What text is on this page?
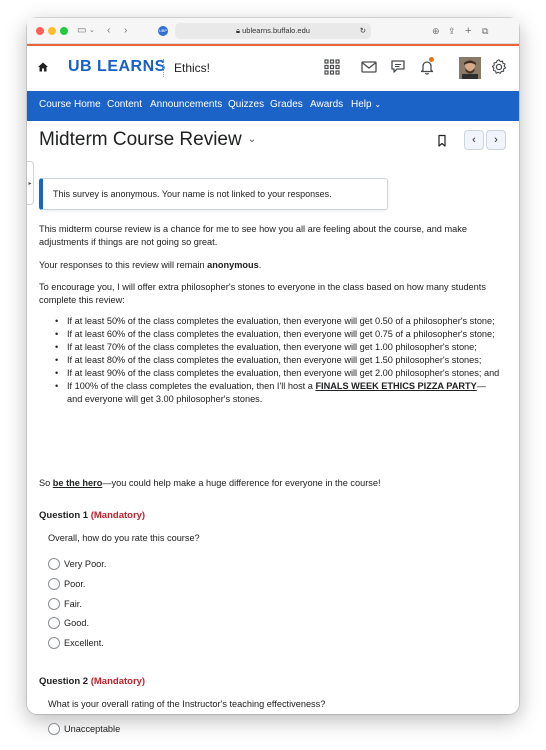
▭ ⌄ ‹ ›	UBP	🔒︎ ublearns.buffalo.edu	↻	⊕ ⇪ + ⧉
UB LEARNS Ethics!
Course Home Content Announcements Quizzes Grades Awards Help ⌄
▸
Midterm Course Review ⌄	‹	›
This survey is anonymous. Your name is not linked to your responses.

This midterm course review is a chance for me to see how you all are feeling about the course, and make adjustments if things are not going so great.

Your responses to this review will remain anonymous.

To encourage you, I will offer extra philosopher's stones to everyone in the class based on how many students complete this review:

• If at least 50% of the class completes the evaluation, then everyone will get 0.50 of a philosopher's stone;
• If at least 60% of the class completes the evaluation, then everyone will get 0.75 of a philosopher's stone;
• If at least 70% of the class completes the evaluation, then everyone will get 1.00 philosopher's stone;
• If at least 80% of the class completes the evaluation, then everyone will get 1.50 philosopher's stones;
• If at least 90% of the class completes the evaluation, then everyone will get 2.00 philosopher's stones; and
• If 100% of the class completes the evaluation, then I'll host a FINALS WEEK ETHICS PIZZA PARTY—and everyone will get 3.00 philosopher's stones.

So be the hero—you could help make a huge difference for everyone in the course!

Question 1 (Mandatory)
Overall, how do you rate this course?
Very Poor.
Poor.
Fair.
Good.
Excellent.
Question 2 (Mandatory)
What is your overall rating of the Instructor's teaching effectiveness?
Unacceptable
